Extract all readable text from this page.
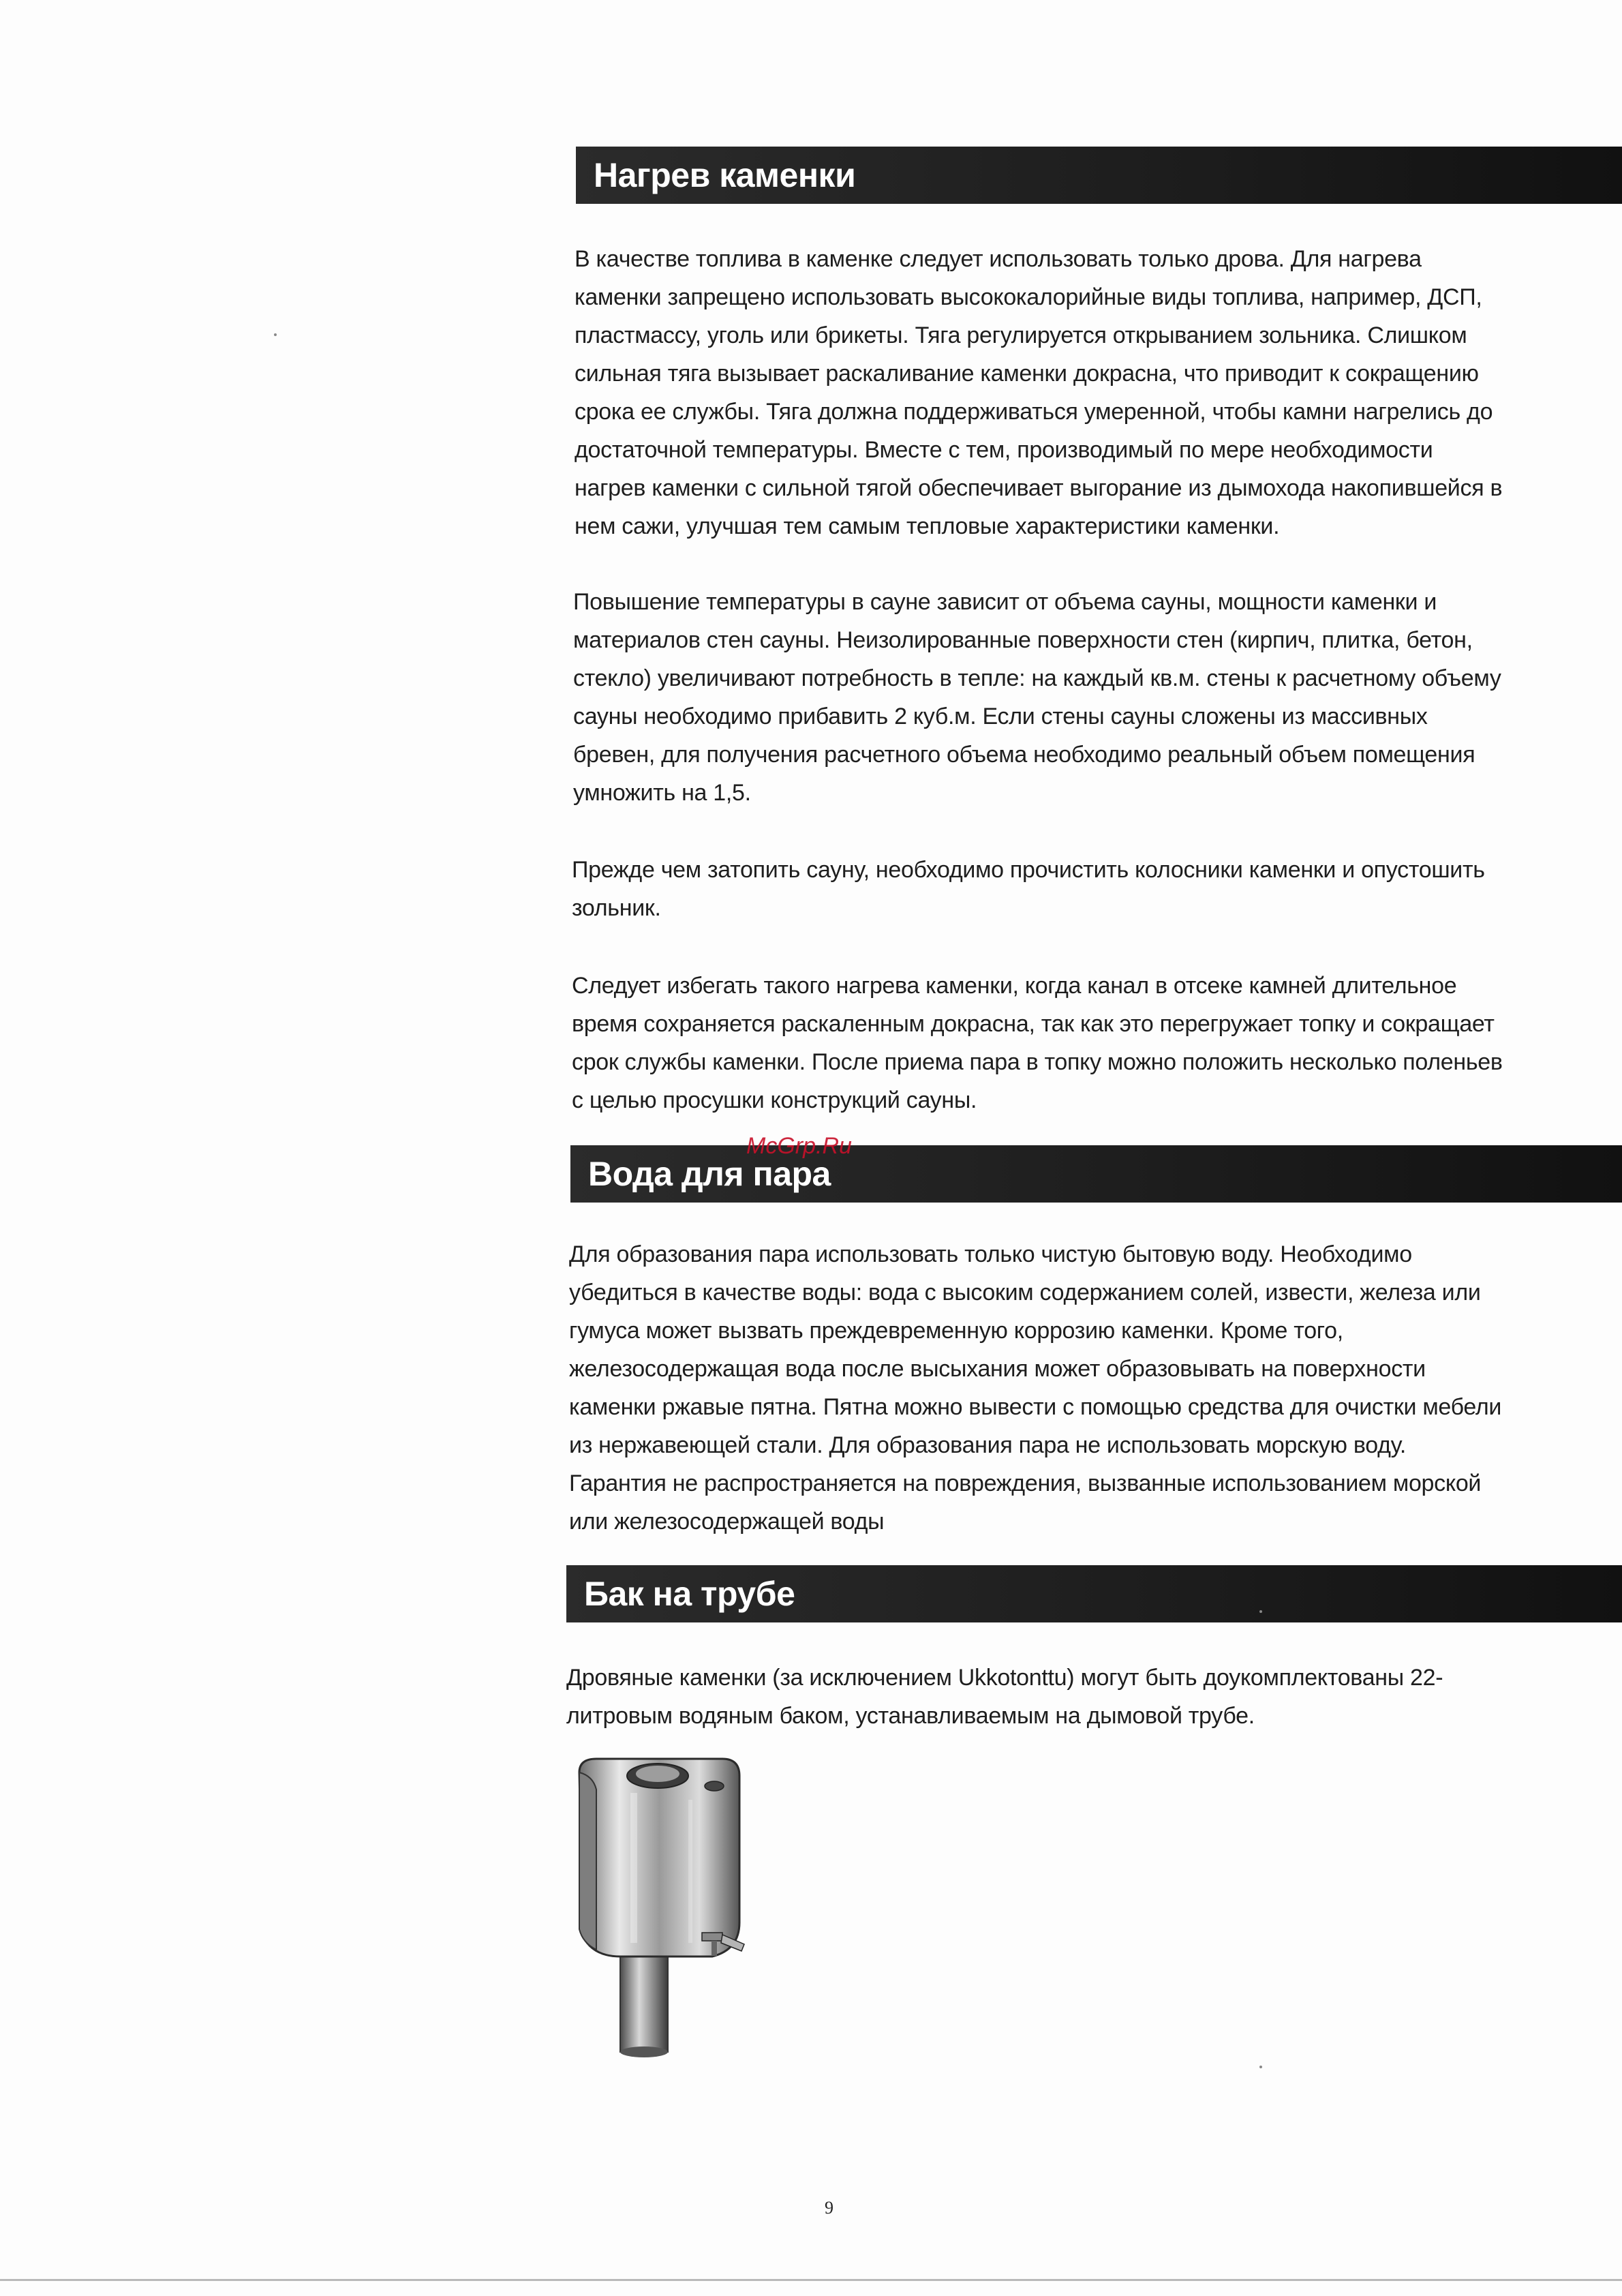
Нагрев каменки

В качестве топлива в каменке следует использовать только дрова. Для нагрева каменки запрещено использовать высококалорийные виды топлива, например, ДСП, пластмассу, уголь или брикеты. Тяга регулируется открыванием зольника. Слишком сильная тяга вызывает раскаливание каменки докрасна, что приводит к сокращению срока ее службы. Тяга должна поддерживаться умеренной, чтобы камни нагрелись до достаточной температуры. Вместе с тем, производимый по мере необходимости нагрев каменки с сильной тягой обеспечивает выгорание из дымохода накопившейся в нем сажи, улучшая тем самым тепловые характеристики каменки.

Повышение температуры в сауне зависит от объема сауны, мощности каменки и материалов стен сауны. Неизолированные поверхности стен (кирпич, плитка, бетон, стекло) увеличивают потребность в тепле: на каждый кв.м. стены к расчетному объему сауны необходимо прибавить 2 куб.м. Если стены сауны сложены из массивных бревен, для получения расчетного объема необходимо реальный объем помещения умножить на 1,5.

Прежде чем затопить сауну, необходимо прочистить колосники каменки и опустошить зольник.

Следует избегать такого нагрева каменки, когда канал в отсеке камней длительное время сохраняется раскаленным докрасна, так как это перегружает топку и сокращает срок службы каменки. После приема пара в топку можно положить несколько поленьев с целью просушки конструкций сауны.

Вода для пара
McGrp.Ru

Для образования пара использовать только чистую бытовую воду. Необходимо убедиться в качестве воды: вода с высоким содержанием солей, извести, железа или гумуса может вызвать преждевременную коррозию каменки. Кроме того, железосодержащая вода после высыхания может образовывать на поверхности каменки ржавые пятна. Пятна можно вывести с помощью средства для очистки мебели из нержавеющей стали. Для образования пара не использовать морскую воду. Гарантия не распространяется на повреждения, вызванные использованием морской или железосодержащей воды

Бак на трубе

Дровяные каменки (за исключением Ukkotonttu) могут быть доукомплектованы 22-литровым водяным баком, устанавливаемым на дымовой трубе.

9
